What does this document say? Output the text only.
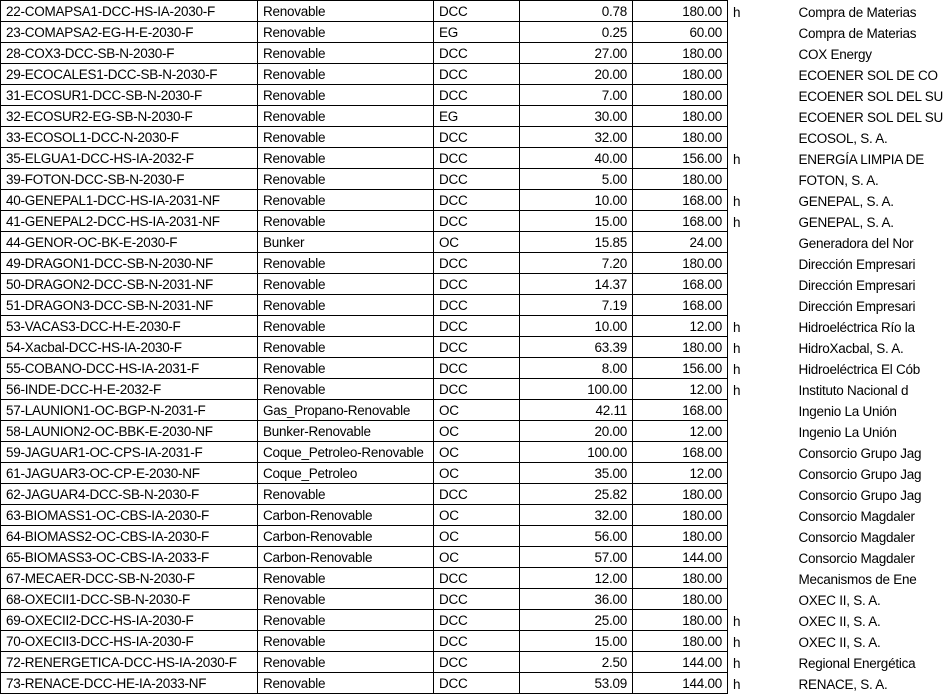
22-COMAPSA1-DCC-HS-IA-2030-F	Renovable	DCC	0.78	180.00	h	Compra de Materias
23-COMAPSA2-EG-H-E-2030-F	Renovable	EG	0.25	60.00		Compra de Materias
28-COX3-DCC-SB-N-2030-F	Renovable	DCC	27.00	180.00		COX Energy
29-ECOCALES1-DCC-SB-N-2030-F	Renovable	DCC	20.00	180.00		ECOENER SOL DE CO
31-ECOSUR1-DCC-SB-N-2030-F	Renovable	DCC	7.00	180.00		ECOENER SOL DEL SU
32-ECOSUR2-EG-SB-N-2030-F	Renovable	EG	30.00	180.00		ECOENER SOL DEL SU
33-ECOSOL1-DCC-N-2030-F	Renovable	DCC	32.00	180.00		ECOSOL, S. A.
35-ELGUA1-DCC-HS-IA-2032-F	Renovable	DCC	40.00	156.00	h	ENERGÍA LIMPIA DE
39-FOTON-DCC-SB-N-2030-F	Renovable	DCC	5.00	180.00		FOTON, S. A.
40-GENEPAL1-DCC-HS-IA-2031-NF	Renovable	DCC	10.00	168.00	h	GENEPAL, S. A.
41-GENEPAL2-DCC-HS-IA-2031-NF	Renovable	DCC	15.00	168.00	h	GENEPAL, S. A.
44-GENOR-OC-BK-E-2030-F	Bunker	OC	15.85	24.00		Generadora del Nor
49-DRAGON1-DCC-SB-N-2030-NF	Renovable	DCC	7.20	180.00		Dirección Empresari
50-DRAGON2-DCC-SB-N-2031-NF	Renovable	DCC	14.37	168.00		Dirección Empresari
51-DRAGON3-DCC-SB-N-2031-NF	Renovable	DCC	7.19	168.00		Dirección Empresari
53-VACAS3-DCC-H-E-2030-F	Renovable	DCC	10.00	12.00	h	Hidroeléctrica Río la
54-Xacbal-DCC-HS-IA-2030-F	Renovable	DCC	63.39	180.00	h	HidroXacbal, S. A.
55-COBANO-DCC-HS-IA-2031-F	Renovable	DCC	8.00	156.00	h	Hidroeléctrica El Cób
56-INDE-DCC-H-E-2032-F	Renovable	DCC	100.00	12.00	h	Instituto Nacional d
57-LAUNION1-OC-BGP-N-2031-F	Gas_Propano-Renovable	OC	42.11	168.00		Ingenio La Unión
58-LAUNION2-OC-BBK-E-2030-NF	Bunker-Renovable	OC	20.00	12.00		Ingenio La Unión
59-JAGUAR1-OC-CPS-IA-2031-F	Coque_Petroleo-Renovable	OC	100.00	168.00		Consorcio Grupo Jag
61-JAGUAR3-OC-CP-E-2030-NF	Coque_Petroleo	OC	35.00	12.00		Consorcio Grupo Jag
62-JAGUAR4-DCC-SB-N-2030-F	Renovable	DCC	25.82	180.00		Consorcio Grupo Jag
63-BIOMASS1-OC-CBS-IA-2030-F	Carbon-Renovable	OC	32.00	180.00		Consorcio Magdaler
64-BIOMASS2-OC-CBS-IA-2030-F	Carbon-Renovable	OC	56.00	180.00		Consorcio Magdaler
65-BIOMASS3-OC-CBS-IA-2033-F	Carbon-Renovable	OC	57.00	144.00		Consorcio Magdaler
67-MECAER-DCC-SB-N-2030-F	Renovable	DCC	12.00	180.00		Mecanismos de Ene
68-OXECII1-DCC-SB-N-2030-F	Renovable	DCC	36.00	180.00		OXEC II, S. A.
69-OXECII2-DCC-HS-IA-2030-F	Renovable	DCC	25.00	180.00	h	OXEC II, S. A.
70-OXECII3-DCC-HS-IA-2030-F	Renovable	DCC	15.00	180.00	h	OXEC II, S. A.
72-RENERGETICA-DCC-HS-IA-2030-F	Renovable	DCC	2.50	144.00	h	Regional Energética
73-RENACE-DCC-HE-IA-2033-NF	Renovable	DCC	53.09	144.00	h	RENACE, S. A.
